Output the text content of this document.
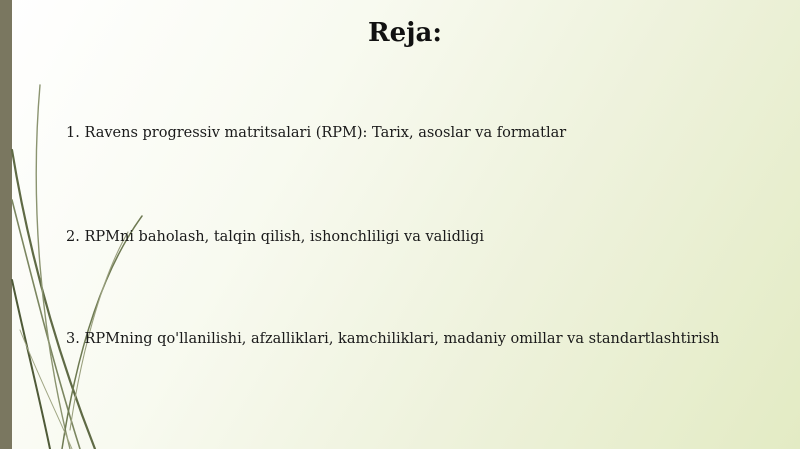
Reja:
1. Ravens progressiv matritsalari (RPM): Tarix, asoslar va formatlar
2. RPMni baholash, talqin qilish, ishonchliligi va validligi
3. RPMning qo'llanilishi, afzalliklari, kamchiliklari, madaniy omillar va standartlashtirish
